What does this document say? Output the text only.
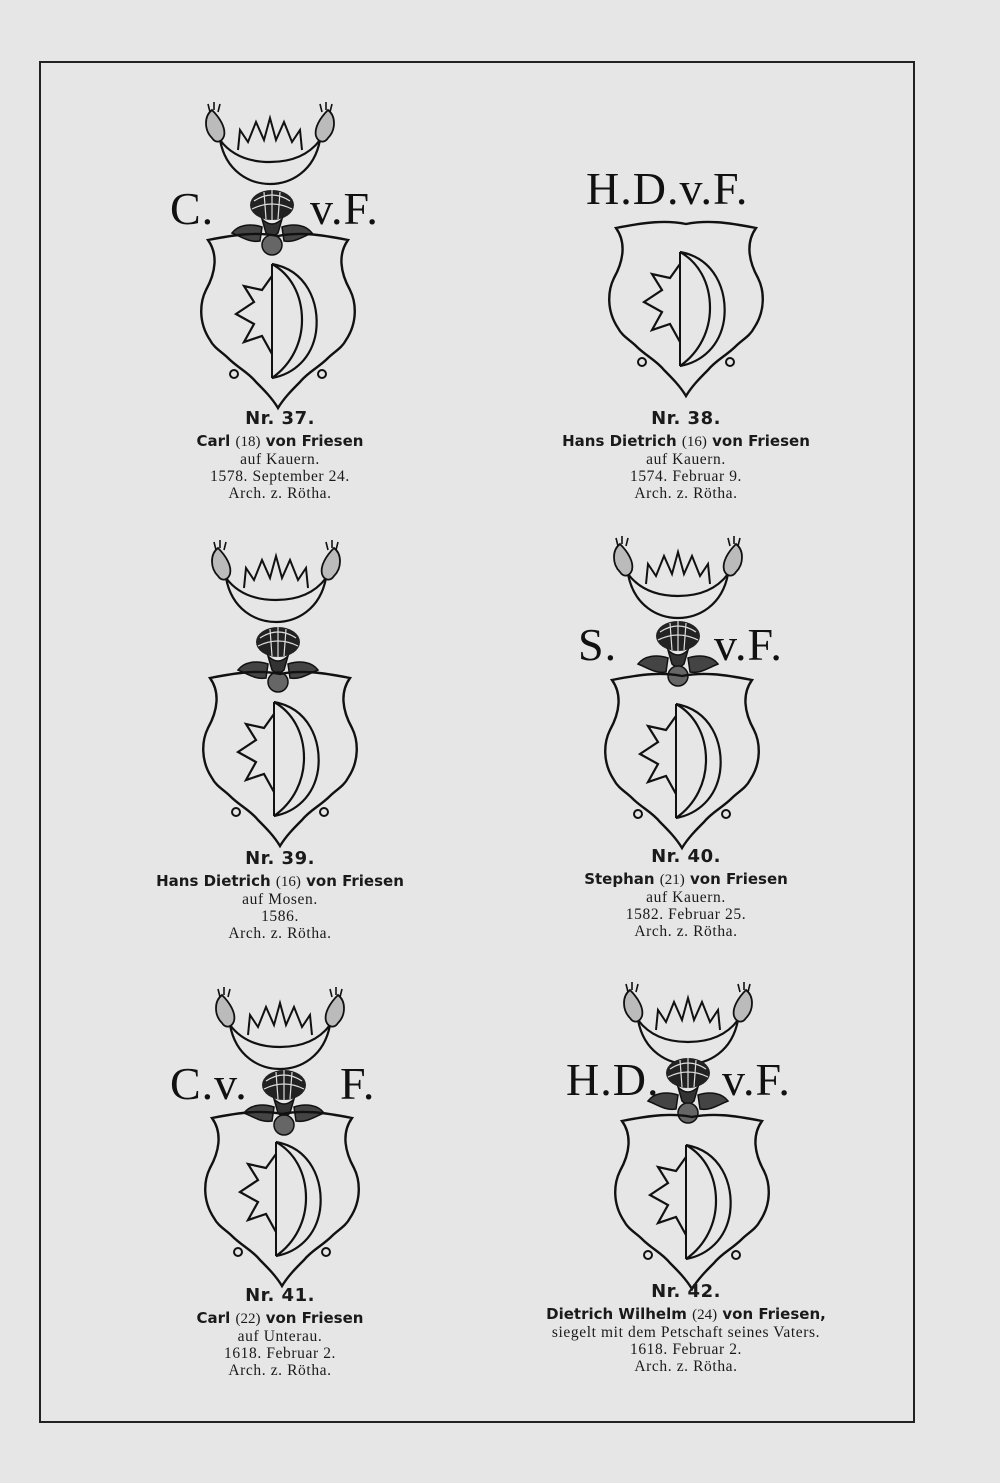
C. v.F.
Nr. 37.
Carl (18) von Friesen
auf Kauern.
1578. September 24.
Arch. z. Rötha.
H.D.v.F.
Nr. 38.
Hans Dietrich (16) von Friesen
auf Kauern.
1574. Februar 9.
Arch. z. Rötha.
Nr. 39.
Hans Dietrich (16) von Friesen
auf Mosen.
1586.
Arch. z. Rötha.
S. v.F.
Nr. 40.
Stephan (21) von Friesen
auf Kauern.
1582. Februar 25.
Arch. z. Rötha.
C.v. F.
Nr. 41.
Carl (22) von Friesen
auf Unterau.
1618. Februar 2.
Arch. z. Rötha.
H.D. v.F.
Nr. 42.
Dietrich Wilhelm (24) von Friesen,
siegelt mit dem Petschaft seines Vaters.
1618. Februar 2.
Arch. z. Rötha.
